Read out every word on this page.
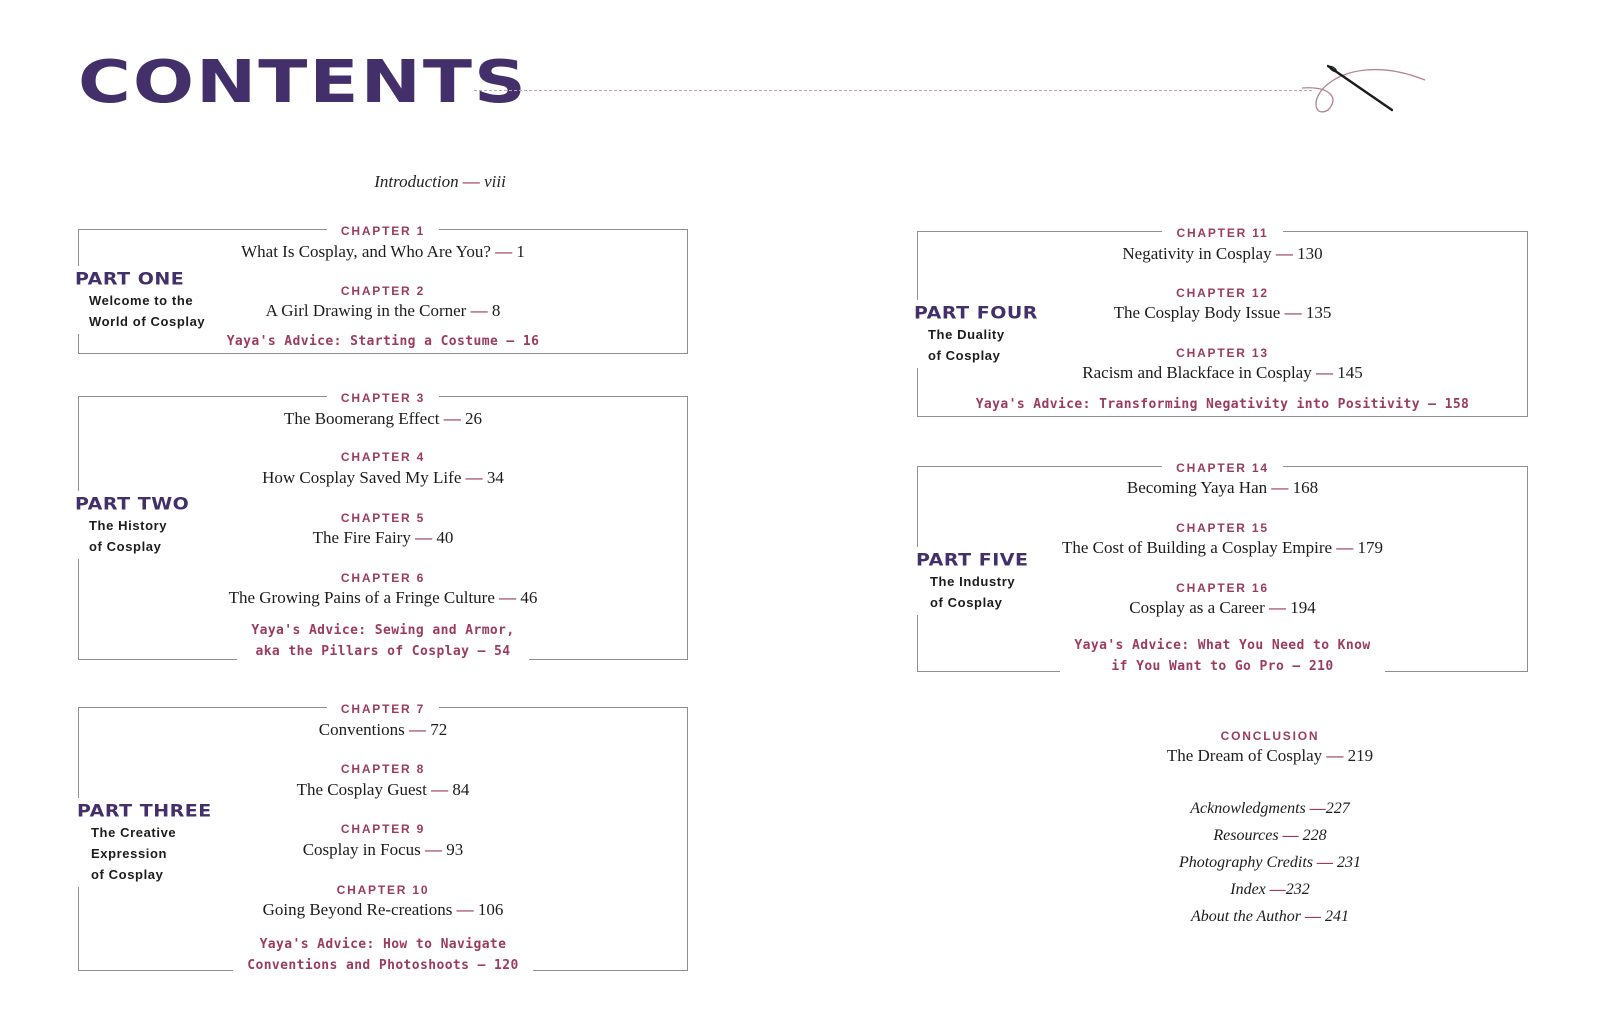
CONTENTS
Introduction — viii
CHAPTER 1
What Is Cosplay, and Who Are You? — 1
CHAPTER 2
A Girl Drawing in the Corner — 8
Yaya's Advice: Starting a Costume — 16
PART ONE
Welcome to the
World of Cosplay
CHAPTER 3
The Boomerang Effect — 26
CHAPTER 4
How Cosplay Saved My Life — 34
CHAPTER 5
The Fire Fairy — 40
CHAPTER 6
The Growing Pains of a Fringe Culture — 46
Yaya's Advice: Sewing and Armor,
aka the Pillars of Cosplay — 54
PART TWO
The History
of Cosplay
CHAPTER 7
Conventions — 72
CHAPTER 8
The Cosplay Guest — 84
CHAPTER 9
Cosplay in Focus — 93
CHAPTER 10
Going Beyond Re-creations — 106
Yaya's Advice: How to Navigate
Conventions and Photoshoots — 120
PART THREE
The Creative
Expression
of Cosplay
CHAPTER 11
Negativity in Cosplay — 130
CHAPTER 12
The Cosplay Body Issue — 135
CHAPTER 13
Racism and Blackface in Cosplay — 145
Yaya's Advice: Transforming Negativity into Positivity — 158
PART FOUR
The Duality
of Cosplay
CHAPTER 14
Becoming Yaya Han — 168
CHAPTER 15
The Cost of Building a Cosplay Empire — 179
CHAPTER 16
Cosplay as a Career — 194
Yaya's Advice: What You Need to Know
if You Want to Go Pro — 210
PART FIVE
The Industry
of Cosplay
CONCLUSION
The Dream of Cosplay — 219
Acknowledgments —227
Resources — 228
Photography Credits — 231
Index —232
About the Author — 241
